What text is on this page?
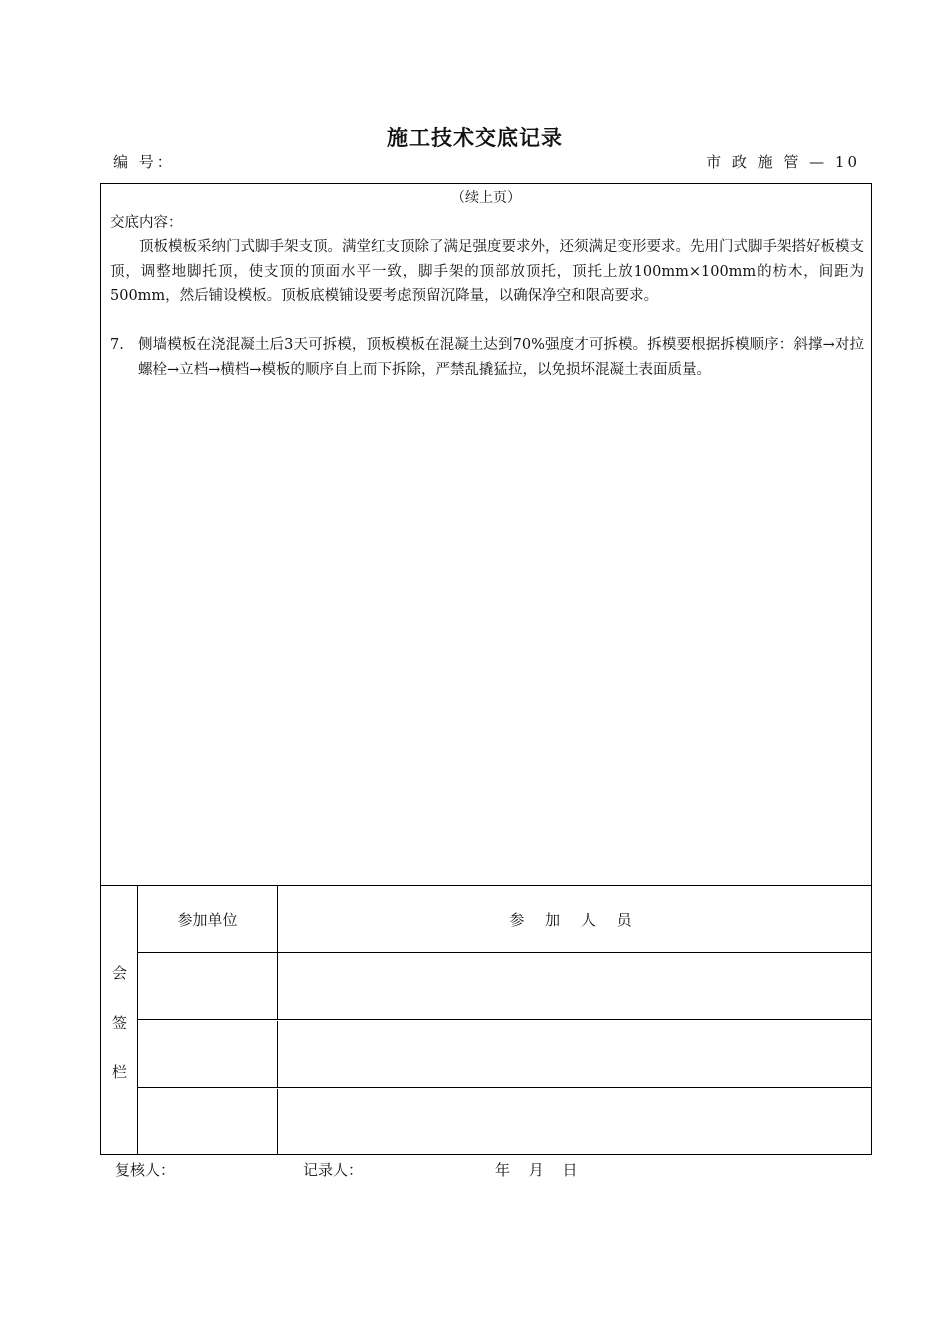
施工技术交底记录
编 号：	市 政 施 管 — 10
（续上页）
交底内容：
顶板模板采纳门式脚手架支顶。满堂红支顶除了满足强度要求外，还须满足变形要求。先用门式脚手架搭好板模支顶，调整地脚托顶，使支顶的顶面水平一致，脚手架的顶部放顶托，顶托上放100mm×100mm的枋木，间距为500mm，然后铺设模板。顶板底模铺设要考虑预留沉降量，以确保净空和限高要求。
7. 侧墙模板在浇混凝土后3天可拆模，顶板模板在混凝土达到70%强度才可拆模。拆模要根据拆模顺序：斜撑→对拉螺栓→立档→横档→模板的顺序自上而下拆除，严禁乱撬猛拉，以免损坏混凝土表面质量。
会
签
栏
参加单位	参 加 人 员
复核人：	记录人：	年 月 日
